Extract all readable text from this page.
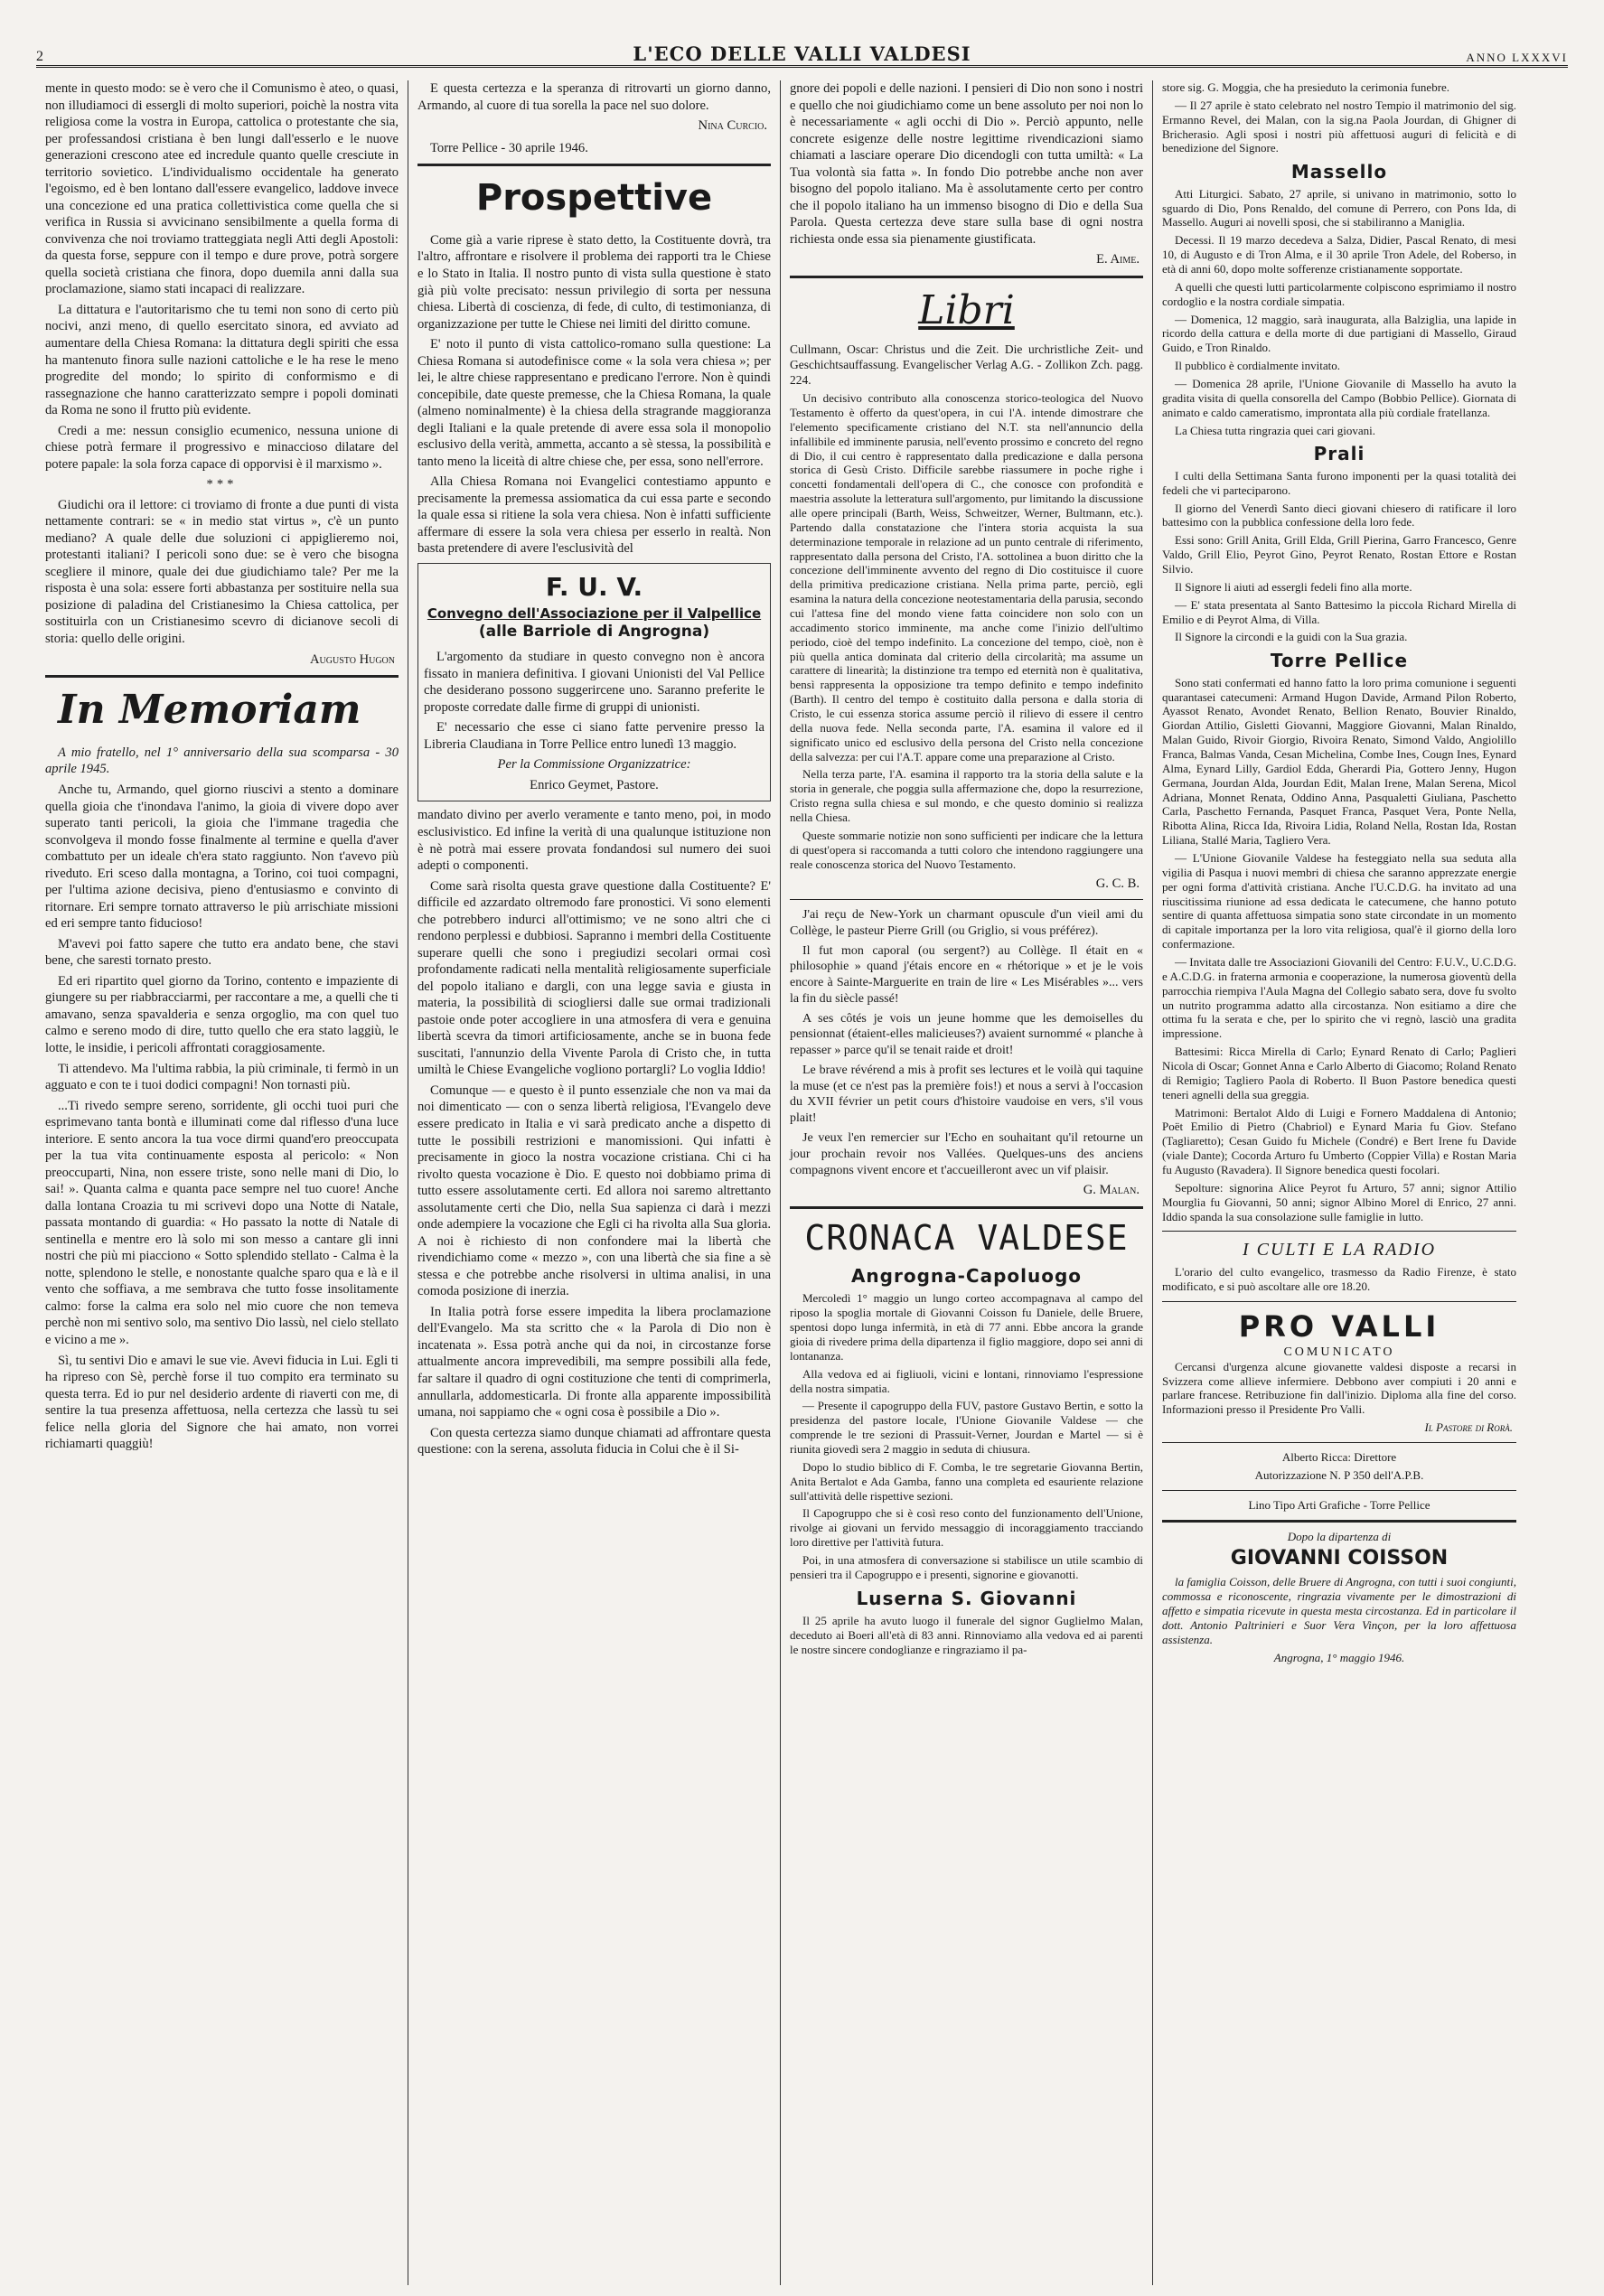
2	L'ECO DELLE VALLI VALDESI	ANNO LXXXVI

mente in questo modo: se è vero che il Comunismo è ateo, o quasi, non illudiamoci di essergli di molto superiori, poichè la nostra vita religiosa come la vostra in Europa, cattolica o protestante che sia, per professandosi cristiana è ben lungi dall'esserlo e le nuove generazioni crescono atee ed incredule quanto quelle cresciute in territorio sovietico. L'individualismo occidentale ha generato l'egoismo, ed è ben lontano dall'essere evangelico, laddove invece una concezione ed una pratica collettivistica come quella che si verifica in Russia si avvicinano sensibilmente a quella forma di convivenza che noi troviamo tratteggiata negli Atti degli Apostoli: da questa forse, seppure con il tempo e dure prove, potrà sorgere quella società cristiana che finora, dopo duemila anni dalla sua proclamazione, siamo stati incapaci di realizzare.

La dittatura e l'autoritarismo che tu temi non sono di certo più nocivi, anzi meno, di quello esercitato sinora, ed avviato ad aumentare della Chiesa Romana: la dittatura degli spiriti che essa ha mantenuto finora sulle nazioni cattoliche e le ha rese le meno progredite del mondo; lo spirito di conformismo e di rassegnazione che hanno caratterizzato sempre i popoli dominati da Roma ne sono il frutto più evidente.

Credi a me: nessun consiglio ecumenico, nessuna unione di chiese potrà fermare il progressivo e minaccioso dilatare del potere papale: la sola forza capace di opporvisi è il marxismo ».

***

Giudichi ora il lettore: ci troviamo di fronte a due punti di vista nettamente contrari: se « in medio stat virtus », c'è un punto mediano? A quale delle due soluzioni ci appiglieremo noi, protestanti italiani? I pericoli sono due: se è vero che bisogna scegliere il minore, quale dei due giudichiamo tale? Per me la risposta è una sola: essere forti abbastanza per sostituire nella sua posizione di paladina del Cristianesimo la Chiesa cattolica, per sostituirla con un Cristianesimo scevro di dicianove secoli di storia: quello delle origini.

Augusto Hugon

In Memoriam

A mio fratello, nel 1° anniversario della sua scomparsa - 30 aprile 1945.

Anche tu, Armando, quel giorno riuscivi a stento a dominare quella gioia che t'inondava l'animo, la gioia di vivere dopo aver superato tanti pericoli, la gioia che l'immane tragedia che sconvolgeva il mondo fosse finalmente al termine e quella d'aver combattuto per un ideale ch'era stato raggiunto. Non t'avevo più riveduto. Eri sceso dalla montagna, a Torino, coi tuoi compagni, per l'ultima azione decisiva, pieno d'entusiasmo e convinto di ritornare. Eri sempre tornato attraverso le più arrischiate missioni ed eri sempre tanto fiducioso!

M'avevi poi fatto sapere che tutto era andato bene, che stavi bene, che saresti tornato presto.

Ed eri ripartito quel giorno da Torino, contento e impaziente di giungere su per riabbracciarmi, per raccontare a me, a quelli che ti amavano, senza spavalderia e senza orgoglio, ma con quel tuo calmo e sereno modo di dire, tutto quello che era stato laggiù, le lotte, le insidie, i pericoli affrontati coraggiosamente.

Ti attendevo. Ma l'ultima rabbia, la più criminale, ti fermò in un agguato e con te i tuoi dodici compagni! Non tornasti più.

...Ti rivedo sempre sereno, sorridente, gli occhi tuoi puri che esprimevano tanta bontà e illuminati come dal riflesso d'una luce interiore. E sento ancora la tua voce dirmi quand'ero preoccupata per la tua vita continuamente esposta al pericolo: « Non preoccuparti, Nina, non essere triste, sono nelle mani di Dio, lo sai! ». Quanta calma e quanta pace sempre nel tuo cuore! Anche dalla lontana Croazia tu mi scrivevi dopo una Notte di Natale, passata montando di guardia: « Ho passato la notte di Natale di sentinella e mentre ero là solo mi son messo a cantare gli inni nostri che più mi piacciono « Sotto splendido stellato - Calma è la notte, splendono le stelle, e nonostante qualche sparo qua e là e il vento che soffiava, a me sembrava che tutto fosse insolitamente calmo: forse la calma era solo nel mio cuore che non temeva perchè non mi sentivo solo, ma sentivo Dio lassù, nel cielo stellato e vicino a me ».

Sì, tu sentivi Dio e amavi le sue vie. Avevi fiducia in Lui. Egli ti ha ripreso con Sè, perchè forse il tuo compito era terminato su questa terra. Ed io pur nel desiderio ardente di riaverti con me, di sentire la tua presenza affettuosa, nella certezza che lassù tu sei felice nella gloria del Signore che hai amato, non vorrei richiamarti quaggiù!

E questa certezza e la speranza di ritrovarti un giorno danno, Armando, al cuore di tua sorella la pace nel suo dolore.

Nina Curcio.

Torre Pellice - 30 aprile 1946.

Prospettive

Come già a varie riprese è stato detto, la Costituente dovrà, tra l'altro, affrontare e risolvere il problema dei rapporti tra le Chiese e lo Stato in Italia. Il nostro punto di vista sulla questione è stato già più volte precisato: nessun privilegio di sorta per nessuna chiesa. Libertà di coscienza, di fede, di culto, di testimonianza, di organizzazione per tutte le Chiese nei limiti del diritto comune.

E' noto il punto di vista cattolico-romano sulla questione: La Chiesa Romana si autodefinisce come « la sola vera chiesa »; per lei, le altre chiese rappresentano e predicano l'errore. Non è quindi concepibile, date queste premesse, che la Chiesa Romana, la quale (almeno nominalmente) è la chiesa della stragrande maggioranza degli Italiani e la quale pretende di avere essa sola il monopolio esclusivo della verità, ammetta, accanto a sè stessa, la possibilità e tanto meno la liceità di altre chiese che, per essa, sono nell'errore.

Alla Chiesa Romana noi Evangelici contestiamo appunto e precisamente la premessa assiomatica da cui essa parte e secondo la quale essa si ritiene la sola vera chiesa. Non è infatti sufficiente affermare di essere la sola vera chiesa per esserlo in realtà. Non basta pretendere di avere l'esclusività del

F. U. V.
Convegno dell'Associazione per il Valpellice
(alle Barriole di Angrogna)

L'argomento da studiare in questo convegno non è ancora fissato in maniera definitiva. I giovani Unionisti del Val Pellice che desiderano possono suggerircene uno. Saranno preferite le proposte corredate dalle firme di gruppi di unionisti.

E' necessario che esse ci siano fatte pervenire presso la Libreria Claudiana in Torre Pellice entro lunedì 13 maggio.

Per la Commissione Organizzatrice:

Enrico Geymet, Pastore.

mandato divino per averlo veramente e tanto meno, poi, in modo esclusivistico. Ed infine la verità di una qualunque istituzione non è nè potrà mai essere provata fondandosi sul numero dei suoi adepti o componenti.

Come sarà risolta questa grave questione dalla Costituente? E' difficile ed azzardato oltremodo fare pronostici. Vi sono elementi che potrebbero indurci all'ottimismo; ve ne sono altri che ci rendono perplessi e dubbiosi. Sapranno i membri della Costituente superare quelli che sono i pregiudizi secolari ormai così profondamente radicati nella mentalità religiosamente superficiale del popolo italiano e dargli, con una legge savia e giusta in materia, la possibilità di sciogliersi dalle sue ormai tradizionali pastoie onde poter accogliere in una atmosfera di vera e genuina libertà scevra da timori artificiosamente, anche se in buona fede suscitati, l'annunzio della Vivente Parola di Cristo che, in tutta umiltà le Chiese Evangeliche vogliono portargli? Lo voglia Iddio!

Comunque — e questo è il punto essenziale che non va mai da noi dimenticato — con o senza libertà religiosa, l'Evangelo deve essere predicato in Italia e vi sarà predicato anche a dispetto di tutte le possibili restrizioni e manomissioni. Qui infatti è precisamente in gioco la nostra vocazione cristiana. Chi ci ha rivolto questa vocazione è Dio. E questo noi dobbiamo prima di tutto essere assolutamente certi. Ed allora noi saremo altrettanto assolutamente certi che Dio, nella Sua sapienza ci darà i mezzi onde adempiere la vocazione che Egli ci ha rivolta alla Sua gloria. A noi è richiesto di non confondere mai la libertà che rivendichiamo come « mezzo », con una libertà che sia fine a sè stessa e che potrebbe anche risolversi in ultima analisi, in una comoda posizione di inerzia.

In Italia potrà forse essere impedita la libera proclamazione dell'Evangelo. Ma sta scritto che « la Parola di Dio non è incatenata ». Essa potrà anche qui da noi, in circostanze forse attualmente ancora imprevedibili, ma sempre possibili alla fede, far saltare il quadro di ogni costituzione che tenti di comprimerla, annullarla, addomesticarla. Di fronte alla apparente impossibilità umana, noi sappiamo che « ogni cosa è possibile a Dio ».

Con questa certezza siamo dunque chiamati ad affrontare questa questione: con la serena, assoluta fiducia in Colui che è il Si-

gnore dei popoli e delle nazioni. I pensieri di Dio non sono i nostri e quello che noi giudichiamo come un bene assoluto per noi non lo è necessariamente « agli occhi di Dio ». Perciò appunto, nelle concrete esigenze delle nostre legittime rivendicazioni siamo chiamati a lasciare operare Dio dicendogli con tutta umiltà: « La Tua volontà sia fatta ». In fondo Dio potrebbe anche non aver bisogno del popolo italiano. Ma è assolutamente certo per contro che il popolo italiano ha un immenso bisogno di Dio e della Sua Parola. Questa certezza deve stare sulla base di ogni nostra richiesta onde essa sia pienamente giustificata.

E. Aime.

Libri

Cullmann, Oscar: Christus und die Zeit. Die urchristliche Zeit- und Geschichtsauffassung. Evangelischer Verlag A.G. - Zollikon Zch. pagg. 224.

Un decisivo contributo alla conoscenza storico-teologica del Nuovo Testamento è offerto da quest'opera, in cui l'A. intende dimostrare che l'elemento specificamente cristiano del N.T. sta nell'annuncio della infallibile ed imminente parusia, nell'evento prossimo e concreto del regno di Dio, il cui centro è rappresentato dalla predicazione e dalla persona storica di Gesù Cristo. Difficile sarebbe riassumere in poche righe i concetti fondamentali dell'opera di C., che conosce con profondità e maestria assolute la letteratura sull'argomento, pur limitando la discussione alle opere principali (Barth, Weiss, Schweitzer, Werner, Bultmann, etc.). Partendo dalla constatazione che l'intera storia acquista la sua determinazione temporale in relazione ad un punto centrale di riferimento, rappresentato dalla persona del Cristo, l'A. sottolinea a buon diritto che la concezione dell'imminente avvento del regno di Dio costituisce il cuore della primitiva predicazione cristiana. Nella prima parte, perciò, egli esamina la natura della concezione neotestamentaria della parusia, secondo cui l'attesa fine del mondo viene fatta coincidere non solo con un accadimento storico imminente, ma anche come l'inizio dell'ultimo periodo, cioè del tempo indefinito. La concezione del tempo, cioè, non è più quella antica dominata dal criterio della circolarità; ma assume un carattere di linearità; la distinzione tra tempo ed eternità non è qualitativa, bensì rappresenta la opposizione tra tempo definito e tempo indefinito (Barth). Il centro del tempo è costituito dalla persona e dalla storia di Cristo, le cui essenza storica assume perciò il rilievo di essere il centro della nuova fede. Nella seconda parte, l'A. esamina il valore ed il significato unico ed esclusivo della persona del Cristo nella concezione della salvezza: per cui l'A.T. appare come una preparazione al Cristo.

Nella terza parte, l'A. esamina il rapporto tra la storia della salute e la storia in generale, che poggia sulla affermazione che, dopo la resurrezione, Cristo regna sulla chiesa e sul mondo, e che questo dominio si realizza nella Chiesa.

Queste sommarie notizie non sono sufficienti per indicare che la lettura di quest'opera si raccomanda a tutti coloro che intendono raggiungere una reale conoscenza storica del Nuovo Testamento.

G. C. B.

J'ai reçu de New-York un charmant opuscule d'un vieil ami du Collège, le pasteur Pierre Grill (ou Griglio, si vous préférez).

Il fut mon caporal (ou sergent?) au Collège. Il était en « philosophie » quand j'étais encore en « rhétorique » et je le vois encore à Sainte-Marguerite en train de lire « Les Misérables »... vers la fin du siècle passé!

A ses côtés je vois un jeune homme que les demoiselles du pensionnat (étaient-elles malicieuses?) avaient surnommé « planche à repasser » parce qu'il se tenait raide et droit!

Le brave révérend a mis à profit ses lectures et le voilà qui taquine la muse (et ce n'est pas la première fois!) et nous a servi à l'occasion du XVII février un petit cours d'histoire vaudoise en vers, s'il vous plait!

Je veux l'en remercier sur l'Echo en souhaitant qu'il retourne un jour prochain revoir nos Vallées. Quelques-uns des anciens compagnons vivent encore et t'accueilleront avec un vif plaisir.

G. Malan.

CRONACA VALDESE
Angrogna-Capoluogo

Mercoledì 1° maggio un lungo corteo accompagnava al campo del riposo la spoglia mortale di Giovanni Coisson fu Daniele, delle Bruere, spentosi dopo lunga infermità, in età di 77 anni. Ebbe ancora la grande gioia di rivedere prima della dipartenza il figlio maggiore, dopo sei anni di lontananza.

Alla vedova ed ai figliuoli, vicini e lontani, rinnoviamo l'espressione della nostra simpatia.

— Presente il capogruppo della FUV, pastore Gustavo Bertin, e sotto la presidenza del pastore locale, l'Unione Giovanile Valdese — che comprende le tre sezioni di Prassuit-Verner, Jourdan e Martel — si è riunita giovedì sera 2 maggio in seduta di chiusura.

Dopo lo studio biblico di F. Comba, le tre segretarie Giovanna Bertin, Anita Bertalot e Ada Gamba, fanno una completa ed esauriente relazione sull'attività delle rispettive sezioni.

Il Capogruppo che si è così reso conto del funzionamento dell'Unione, rivolge ai giovani un fervido messaggio di incoraggiamento tracciando loro direttive per l'attività futura.

Poi, in una atmosfera di conversazione si stabilisce un utile scambio di pensieri tra il Capogruppo e i presenti, signorine e giovanotti.

Luserna S. Giovanni

Il 25 aprile ha avuto luogo il funerale del signor Guglielmo Malan, deceduto ai Boeri all'età di 83 anni. Rinnoviamo alla vedova ed ai parenti le nostre sincere condoglianze e ringraziamo il pa-

store sig. G. Moggia, che ha presieduto la cerimonia funebre.

— Il 27 aprile è stato celebrato nel nostro Tempio il matrimonio del sig. Ermanno Revel, dei Malan, con la sig.na Paola Jourdan, di Ghigner di Bricherasio. Agli sposi i nostri più affettuosi auguri di felicità e di benedizione del Signore.

Massello

Atti Liturgici. Sabato, 27 aprile, si univano in matrimonio, sotto lo sguardo di Dio, Pons Renaldo, del comune di Perrero, con Pons Ida, di Massello. Auguri ai novelli sposi, che si stabiliranno a Maniglia.

Decessi. Il 19 marzo decedeva a Salza, Didier, Pascal Renato, di mesi 10, di Augusto e di Tron Alma, e il 30 aprile Tron Adele, del Roberso, in età di anni 60, dopo molte sofferenze cristianamente sopportate.

A quelli che questi lutti particolarmente colpiscono esprimiamo il nostro cordoglio e la nostra cordiale simpatia.

— Domenica, 12 maggio, sarà inaugurata, alla Balziglia, una lapide in ricordo della cattura e della morte di due partigiani di Massello, Giraud Guido, e Tron Rinaldo.

Il pubblico è cordialmente invitato.

— Domenica 28 aprile, l'Unione Giovanile di Massello ha avuto la gradita visita di quella consorella del Campo (Bobbio Pellice). Giornata di animato e caldo cameratismo, improntata alla più cordiale fratellanza.

La Chiesa tutta ringrazia quei cari giovani.

Prali

I culti della Settimana Santa furono imponenti per la quasi totalità dei fedeli che vi parteciparono.

Il giorno del Venerdì Santo dieci giovani chiesero di ratificare il loro battesimo con la pubblica confessione della loro fede.

Essi sono: Grill Anita, Grill Elda, Grill Pierina, Garro Francesco, Genre Valdo, Grill Elio, Peyrot Gino, Peyrot Renato, Rostan Ettore e Rostan Silvio.

Il Signore li aiuti ad essergli fedeli fino alla morte.

— E' stata presentata al Santo Battesimo la piccola Richard Mirella di Emilio e di Peyrot Alma, di Villa.

Il Signore la circondi e la guidi con la Sua grazia.

Torre Pellice

Sono stati confermati ed hanno fatto la loro prima comunione i seguenti quarantasei catecumeni: Armand Hugon Davide, Armand Pilon Roberto, Ayassot Renato, Avondet Renato, Bellion Renato, Bouvier Rinaldo, Giordan Attilio, Gisletti Giovanni, Maggiore Giovanni, Malan Rinaldo, Malan Guido, Rivoir Giorgio, Rivoira Renato, Simond Valdo, Angiolillo Franca, Balmas Vanda, Cesan Michelina, Combe Ines, Cougn Ines, Eynard Alma, Eynard Lilly, Gardiol Edda, Gherardi Pia, Gottero Jenny, Hugon Germana, Jourdan Alda, Jourdan Edit, Malan Irene, Malan Serena, Micol Adriana, Monnet Renata, Oddino Anna, Pasqualetti Giuliana, Paschetto Carla, Paschetto Fernanda, Pasquet Franca, Pasquet Vera, Ponte Nella, Ribotta Alina, Ricca Ida, Rivoira Lidia, Roland Nella, Rostan Ida, Rostan Liliana, Stallé Maria, Tagliero Vera.

— L'Unione Giovanile Valdese ha festeggiato nella sua seduta alla vigilia di Pasqua i nuovi membri di chiesa che saranno apprezzate energie per ogni forma d'attività cristiana. Anche l'U.C.D.G. ha invitato ad una riuscitissima riunione ad essa dedicata le catecumene, che hanno potuto sentire di quanta affettuosa simpatia sono state circondate in un momento di capitale importanza per la loro vita religiosa, qual'è il giorno della loro confermazione.

— Invitata dalle tre Associazioni Giovanili del Centro: F.U.V., U.C.D.G. e A.C.D.G. in fraterna armonia e cooperazione, la numerosa gioventù della parrocchia riempiva l'Aula Magna del Collegio sabato sera, dove fu svolto un nutrito programma adatto alla circostanza. Non esitiamo a dire che ottima fu la serata e che, per lo spirito che vi regnò, lasciò una gradita impressione.

Battesimi: Ricca Mirella di Carlo; Eynard Renato di Carlo; Paglieri Nicola di Oscar; Gonnet Anna e Carlo Alberto di Giacomo; Roland Renato di Remigio; Tagliero Paola di Roberto. Il Buon Pastore benedica questi teneri agnelli della sua greggia.

Matrimoni: Bertalot Aldo di Luigi e Fornero Maddalena di Antonio; Poët Emilio di Pietro (Chabriol) e Eynard Maria fu Giov. Stefano (Tagliaretto); Cesan Guido fu Michele (Condré) e Bert Irene fu Davide (viale Dante); Cocorda Arturo fu Umberto (Coppier Villa) e Rostan Maria fu Augusto (Ravadera). Il Signore benedica questi focolari.

Sepolture: signorina Alice Peyrot fu Arturo, 57 anni; signor Attilio Mourglia fu Giovanni, 50 anni; signor Albino Morel di Enrico, 27 anni. Iddio spanda la sua consolazione sulle famiglie in lutto.

I CULTI E LA RADIO

L'orario del culto evangelico, trasmesso da Radio Firenze, è stato modificato, e si può ascoltare alle ore 18.20.

PRO VALLI
COMUNICATO

Cercansi d'urgenza alcune giovanette valdesi disposte a recarsi in Svizzera come allieve infermiere. Debbono aver compiuti i 20 anni e parlare francese. Retribuzione fin dall'inizio. Diploma alla fine del corso. Informazioni presso il Presidente Pro Valli.

Il Pastore di Rorà.

Alberto Ricca: Direttore

Autorizzazione N. P 350 dell'A.P.B.

Lino Tipo Arti Grafiche - Torre Pellice

Dopo la dipartenza di

GIOVANNI COISSON

la famiglia Coisson, delle Bruere di Angrogna, con tutti i suoi congiunti, commossa e riconoscente, ringrazia vivamente per le dimostrazioni di affetto e simpatia ricevute in questa mesta circostanza. Ed in particolare il dott. Antonio Paltrinieri e Suor Vera Vinçon, per la loro affettuosa assistenza.

Angrogna, 1° maggio 1946.
